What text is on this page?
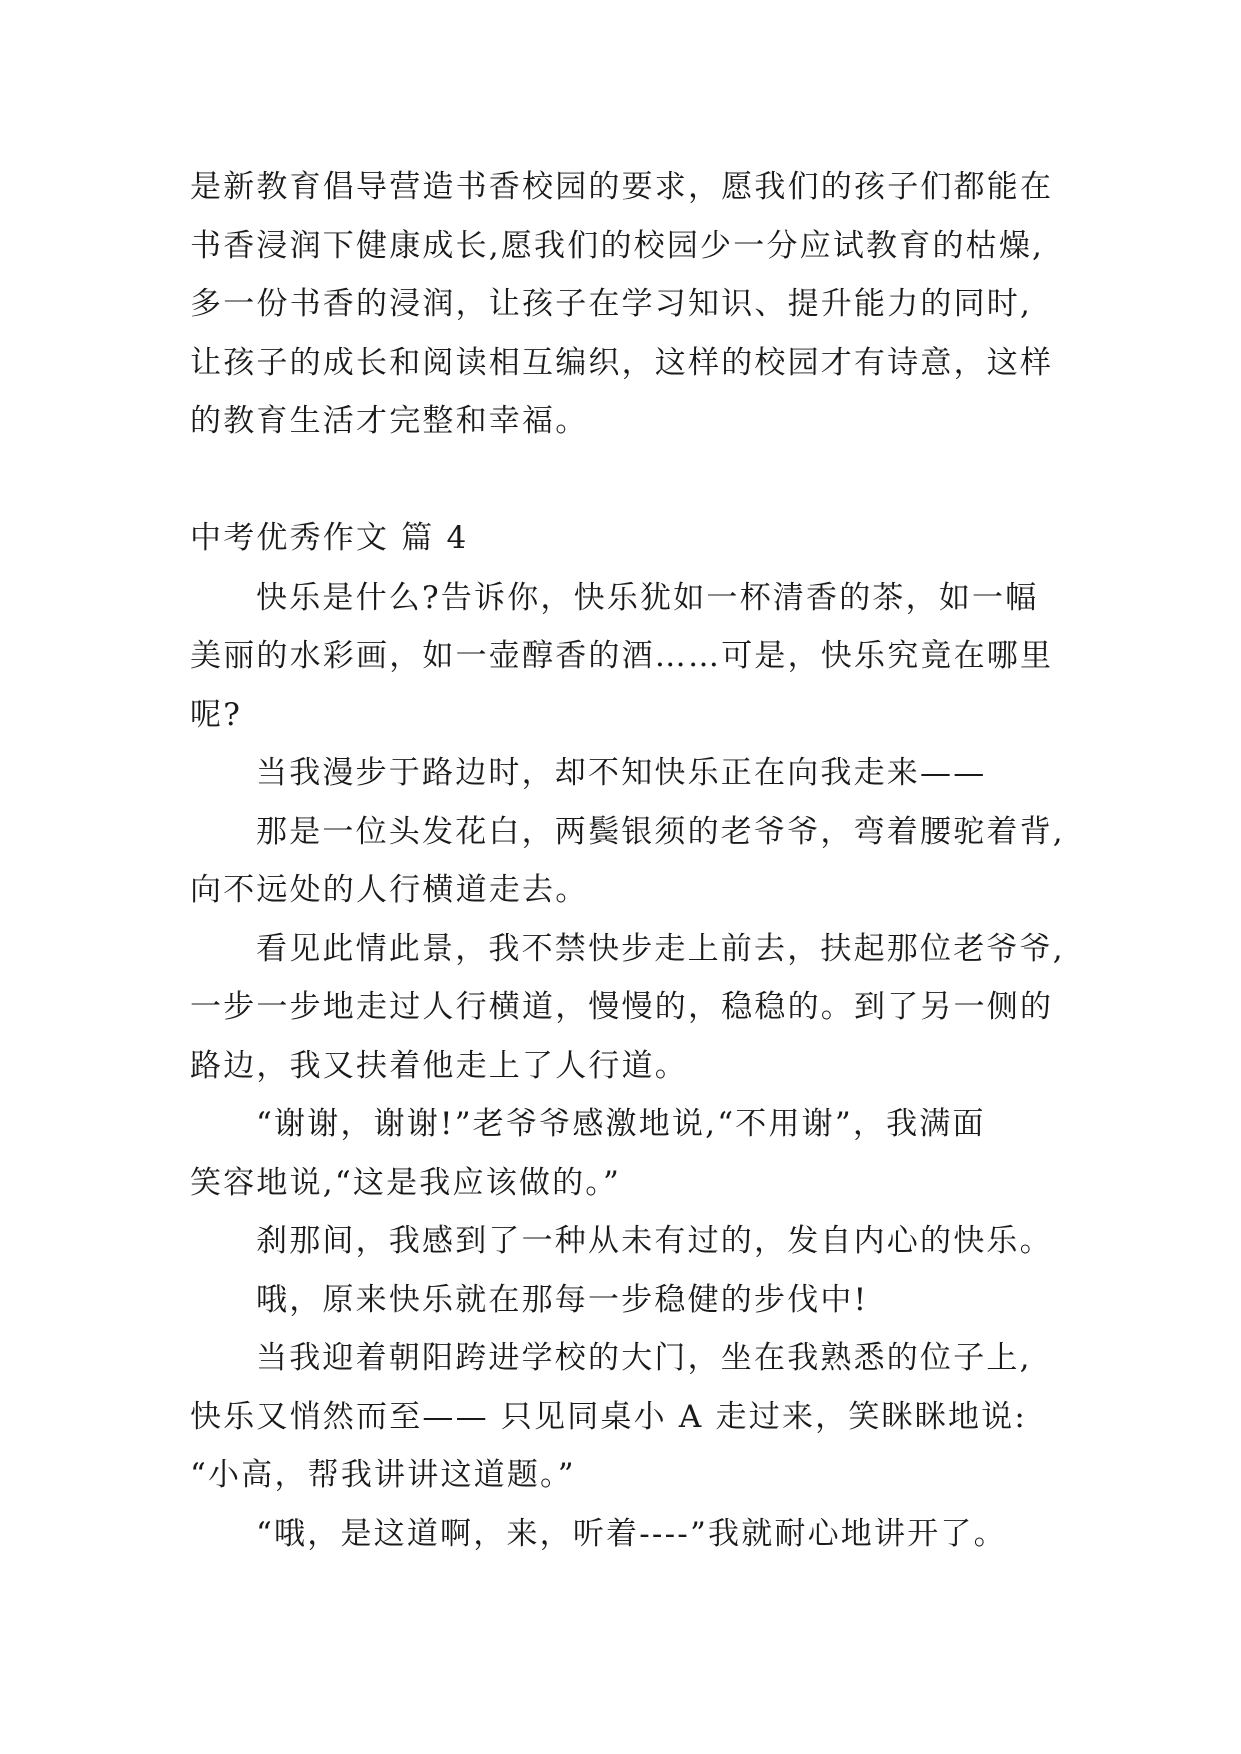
是新教育倡导营造书香校园的要求，愿我们的孩子们都能在
书香浸润下健康成长,愿我们的校园少一分应试教育的枯燥,
多一份书香的浸润，让孩子在学习知识、提升能力的同时,
让孩子的成长和阅读相互编织，这样的校园才有诗意，这样
的教育生活才完整和幸福。
中考优秀作文 篇 4
快乐是什么?告诉你，快乐犹如一杯清香的茶，如一幅
美丽的水彩画，如一壶醇香的酒……可是，快乐究竟在哪里
呢?
当我漫步于路边时，却不知快乐正在向我走来——
那是一位头发花白，两鬓银须的老爷爷，弯着腰驼着背,
向不远处的人行横道走去。
看见此情此景，我不禁快步走上前去，扶起那位老爷爷,
一步一步地走过人行横道，慢慢的，稳稳的。到了另一侧的
路边，我又扶着他走上了人行道。
“谢谢，谢谢!”老爷爷感激地说,“不用谢”，我满面
笑容地说,“这是我应该做的。”
刹那间，我感到了一种从未有过的，发自内心的快乐。
哦，原来快乐就在那每一步稳健的步伐中!
当我迎着朝阳跨进学校的大门，坐在我熟悉的位子上,
快乐又悄然而至—— 只见同桌小 A 走过来，笑眯眯地说:
“小高，帮我讲讲这道题。”
“哦，是这道啊，来，听着----”我就耐心地讲开了。
